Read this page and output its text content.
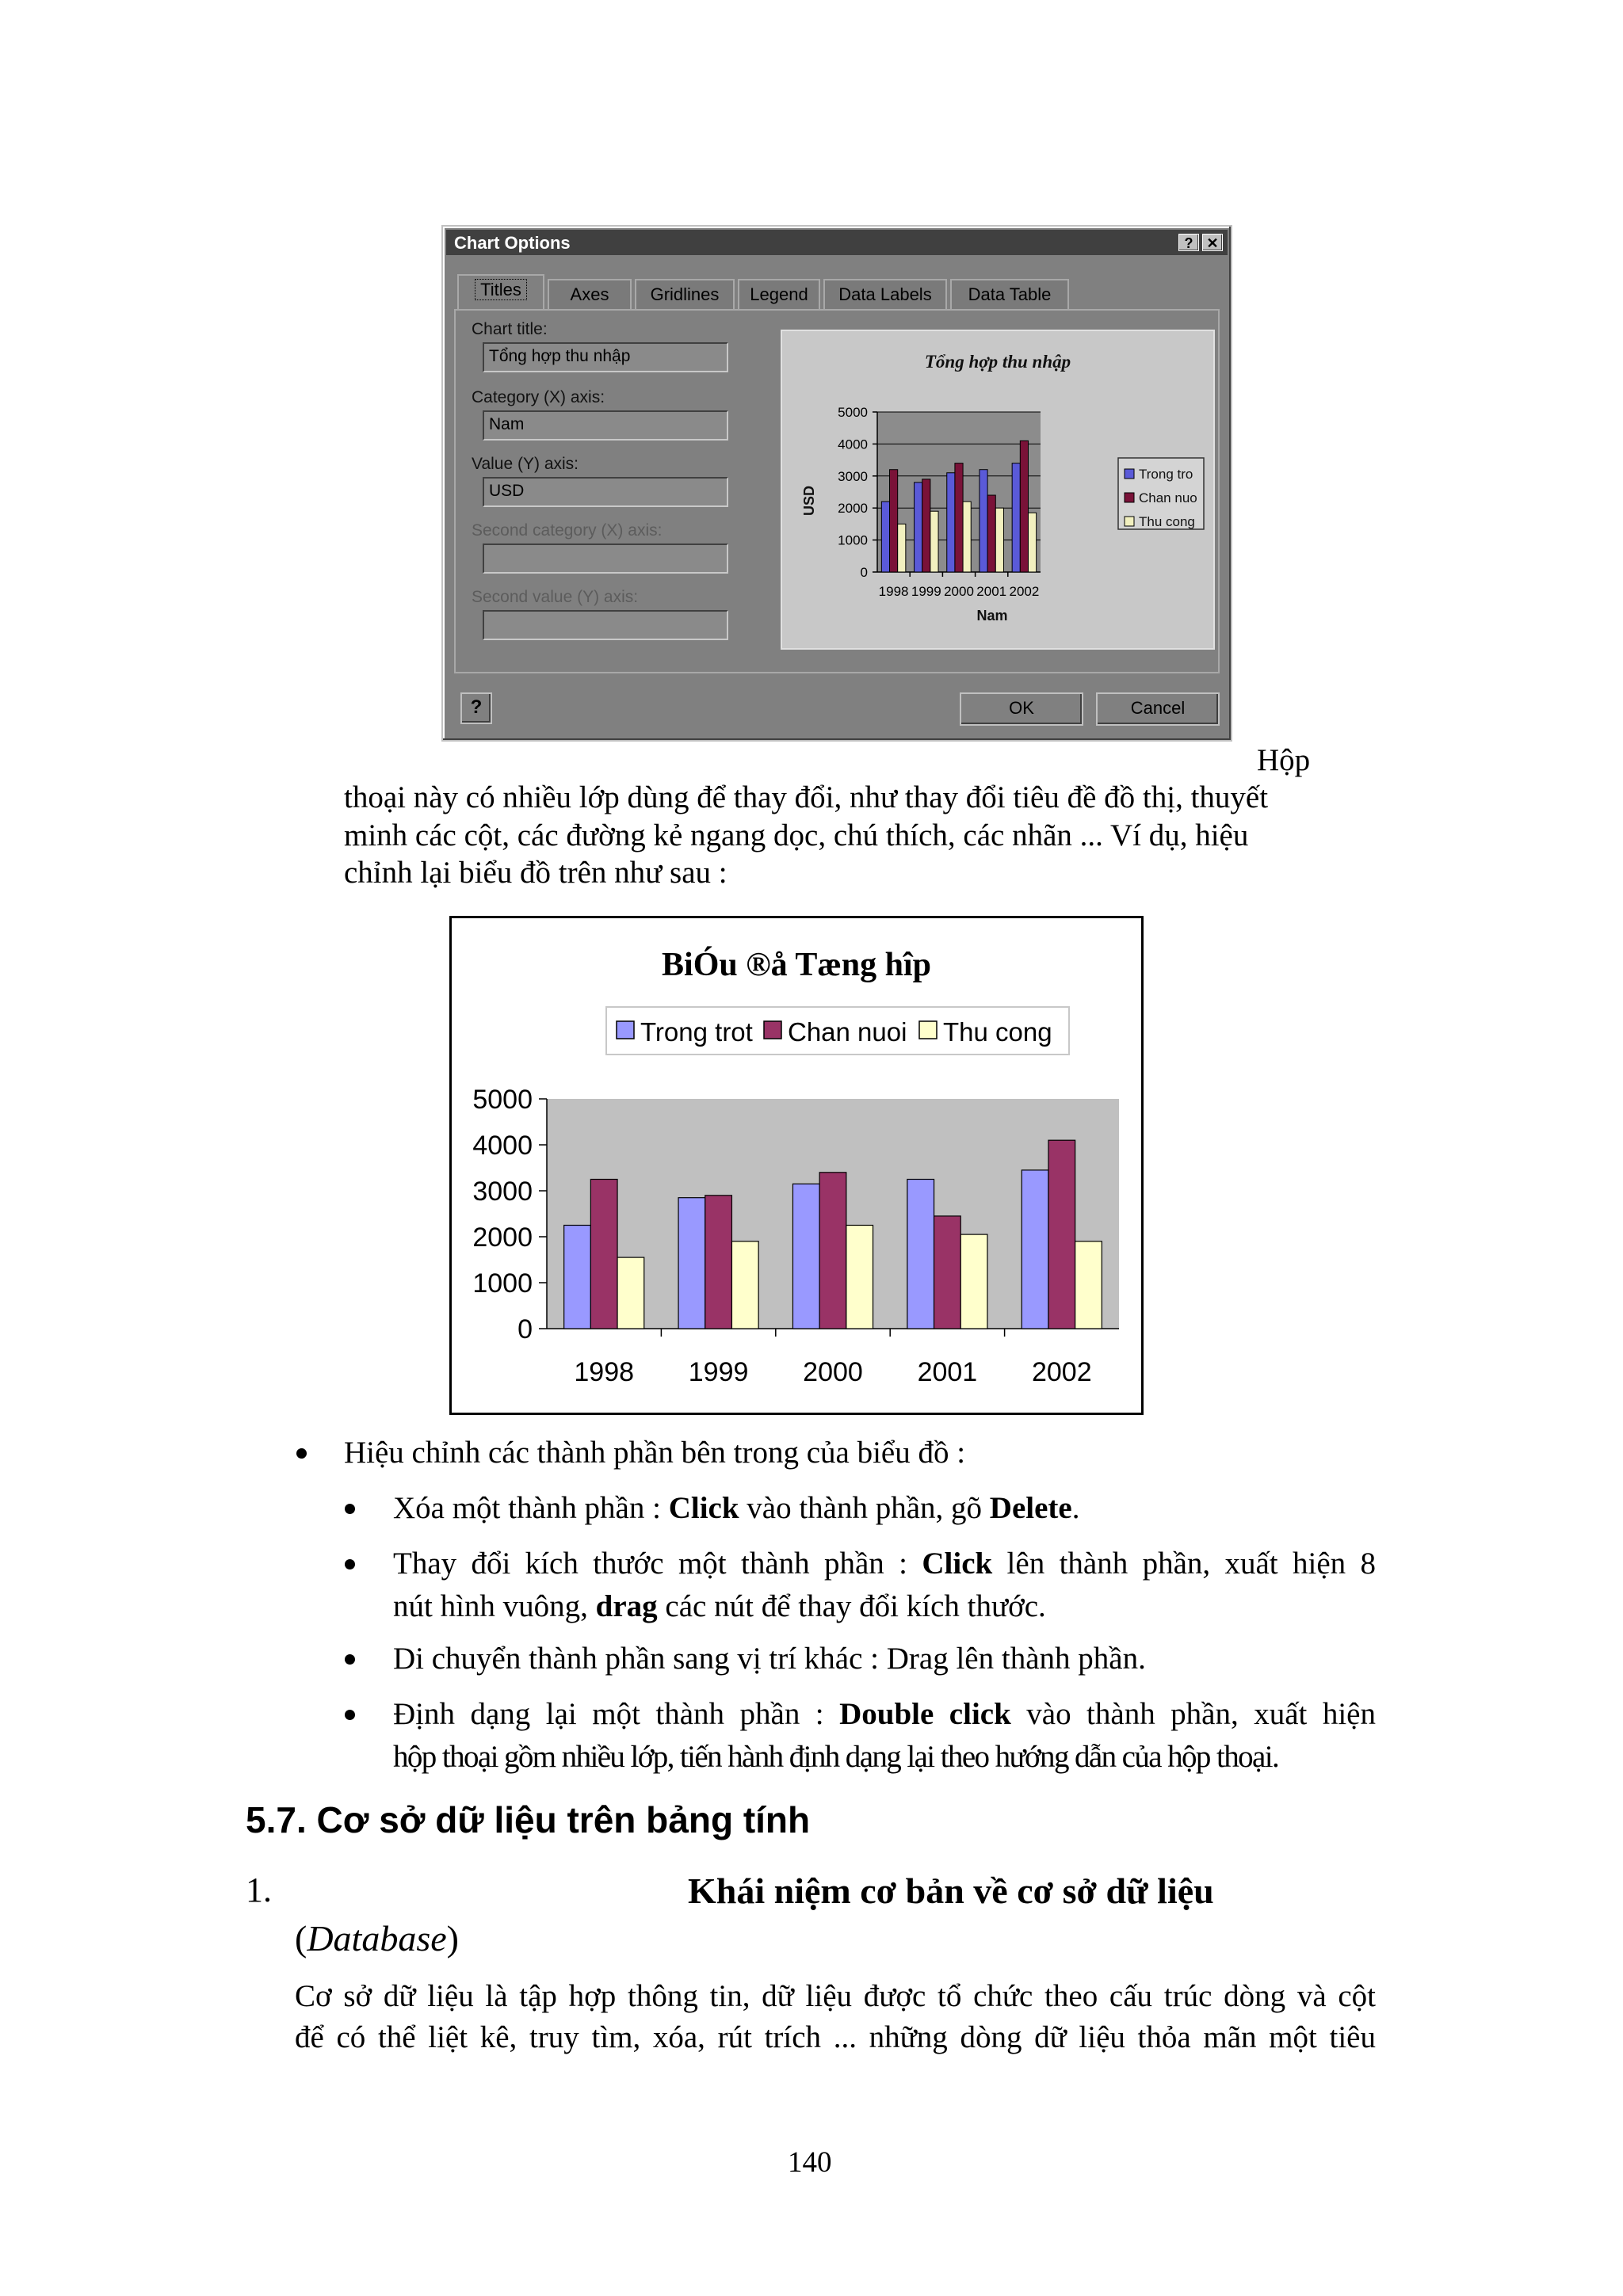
Chart Options	? ✕
Titles	Axes	Gridlines	Legend	Data Labels	Data Table
Chart title:
Tổng hợp thu nhập
Category (X) axis:
Nam
Value (Y) axis:
USD
Second category (X) axis:
Second value (Y) axis:
Tổng hợp thu nhập
5000
4000
3000
2000
1000
0
1998 1999 2000 2001 2002
USD
Nam
Trong tro
Chan nuo
Thu cong
?	OK	Cancel
Hộp
thoại này có nhiều lớp dùng để thay đổi, như thay đổi tiêu đề đồ thị, thuyết
minh các cột, các đường kẻ ngang dọc, chú thích, các nhãn ... Ví dụ, hiệu
chỉnh lại biểu đồ trên như sau :
BiÓu ®å Tæng hîp
Trong trot Chan nuoi Thu cong
5000
4000
3000
2000
1000
0
1998 1999 2000 2001 2002
Hiệu chỉnh các thành phần bên trong của biểu đồ :
Xóa một thành phần : Click vào thành phần, gõ Delete.
Thay đổi kích thước một thành phần : Click lên thành phần, xuất hiện 8
nút hình vuông, drag các nút để thay đổi kích thước.
Di chuyển thành phần sang vị trí khác : Drag lên thành phần.
Định dạng lại một thành phần : Double click vào thành phần, xuất hiện
hộp thoại gồm nhiều lớp, tiến hành định dạng lại theo hướng dẫn của hộp thoại.
5.7. Cơ sở dữ liệu trên bảng tính
1.	Khái niệm cơ bản về cơ sở dữ liệu
(Database)
Cơ sở dữ liệu là tập hợp thông tin, dữ liệu được tổ chức theo cấu trúc dòng và cột
để có thể liệt kê, truy tìm, xóa, rút trích ... những dòng dữ liệu thỏa mãn một tiêu
140
